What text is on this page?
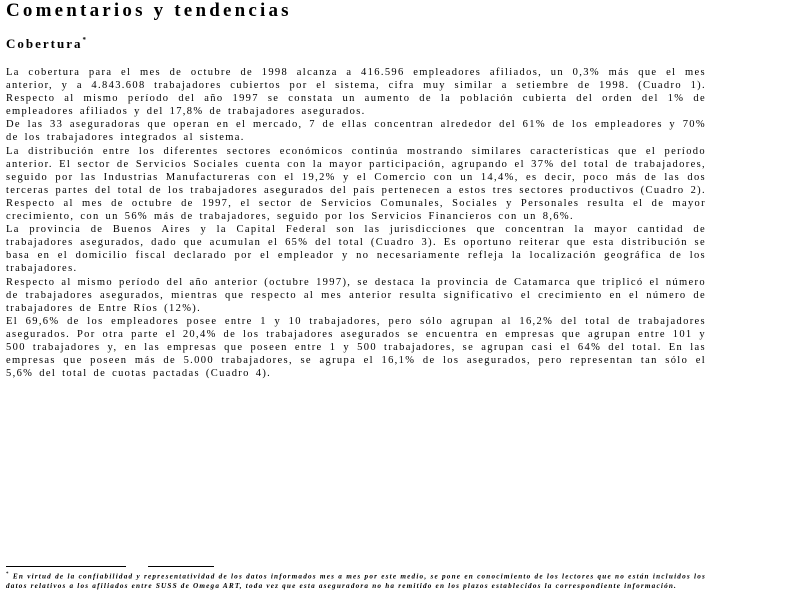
Comentarios y tendencias
Cobertura*

La cobertura para el mes de octubre de 1998 alcanza a 416.596 empleadores afiliados, un 0,3% más que el mes anterior, y a 4.843.608 trabajadores cubiertos por el sistema, cifra muy similar a setiembre de 1998. (Cuadro 1). Respecto al mismo período del año 1997 se constata un aumento de la población cubierta del orden del 1% de empleadores afiliados y del 17,8% de trabajadores asegurados.

De las 33 aseguradoras que operan en el mercado, 7 de ellas concentran alrededor del 61% de los empleadores y 70% de los trabajadores integrados al sistema.

La distribución entre los diferentes sectores económicos continúa mostrando similares características que el período anterior. El sector de Servicios Sociales cuenta con la mayor participación, agrupando el 37% del total de trabajadores, seguido por las Industrias Manufactureras con el 19,2% y el Comercio con un 14,4%, es decir, poco más de las dos terceras partes del total de los trabajadores asegurados del país pertenecen a estos tres sectores productivos (Cuadro 2). Respecto al mes de octubre de 1997, el sector de Servicios Comunales, Sociales y Personales resulta el de mayor crecimiento, con un 56% más de trabajadores, seguido por los Servicios Financieros con un 8,6%.

La provincia de Buenos Aires y la Capital Federal son las jurisdicciones que concentran la mayor cantidad de trabajadores asegurados, dado que acumulan el 65% del total (Cuadro 3). Es oportuno reiterar que esta distribución se basa en el domicilio fiscal declarado por el empleador y no necesariamente refleja la localización geográfica de los trabajadores.

Respecto al mismo período del año anterior (octubre 1997), se destaca la provincia de Catamarca que triplicó el número de trabajadores asegurados, mientras que respecto al mes anterior resulta significativo el crecimiento en el número de trabajadores de Entre Ríos (12%).

El 69,6% de los empleadores posee entre 1 y 10 trabajadores, pero sólo agrupan al 16,2% del total de trabajadores asegurados. Por otra parte el 20,4% de los trabajadores asegurados se encuentra en empresas que agrupan entre 101 y 500 trabajadores y, en las empresas que poseen entre 1 y 500 trabajadores, se agrupan casi el 64% del total. En las empresas que poseen más de 5.000 trabajadores, se agrupa el 16,1% de los asegurados, pero representan tan sólo el 5,6% del total de cuotas pactadas (Cuadro 4).

* En virtud de la confiabilidad y representatividad de los datos informados mes a mes por este medio, se pone en conocimiento de los lectores que no están incluidos los datos relativos a los afiliados entre SUSS de Omega ART, toda vez que esta aseguradora no ha remitido en los plazos establecidos la correspondiente información.
